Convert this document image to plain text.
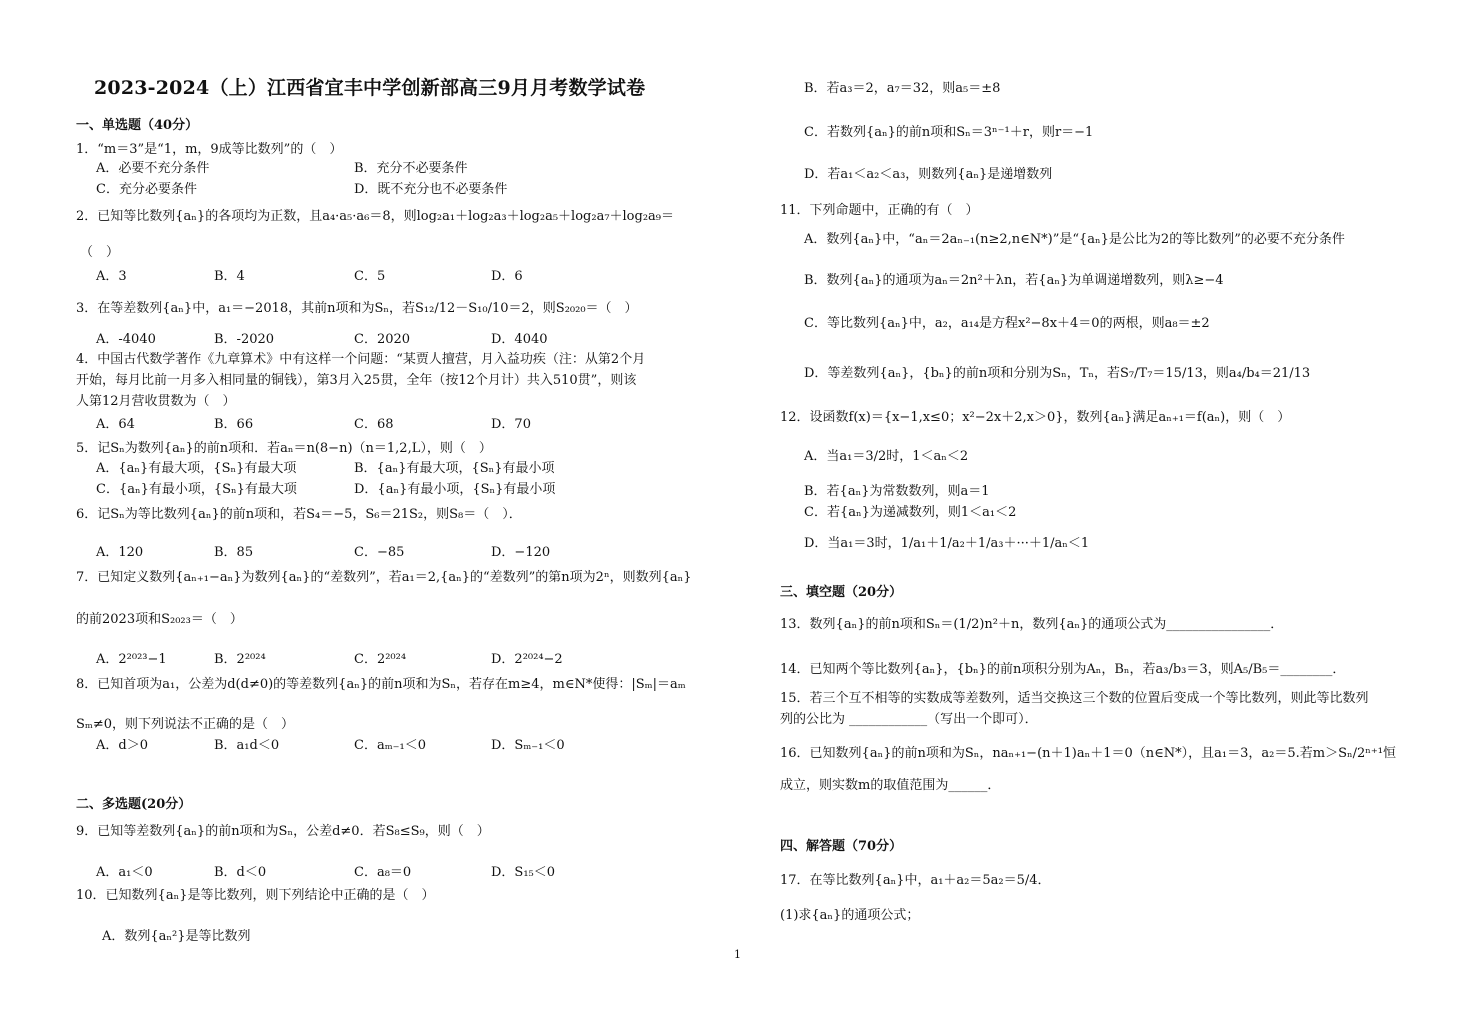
2023-2024（上）江西省宜丰中学创新部高三9月月考数学试卷
一、单选题（40分）
1．“m＝3”是“1，m，9成等比数列”的（　）
A．必要不充分条件	B．充分不必要条件
C．充分必要条件	D．既不充分也不必要条件
2．已知等比数列{aₙ}的各项均为正数，且a₄·a₅·a₆＝8，则log₂a₁＋log₂a₃＋log₂a₅＋log₂a₇＋log₂a₉＝
（　）
A．3	B．4	C．5	D．6
3．在等差数列{aₙ}中，a₁＝−2018，其前n项和为Sₙ，若S₁₂/12－S₁₀/10＝2，则S₂₀₂₀＝（　）
A．-4040	B．-2020	C．2020	D．4040
4．中国古代数学著作《九章算术》中有这样一个问题：“某贾人擅营，月入益功疾（注：从第2个月
开始，每月比前一月多入相同量的铜钱），第3月入25贯，全年（按12个月计）共入510贯”，则该
人第12月营收贯数为（　）
A．64	B．66	C．68	D．70
5．记Sₙ为数列{aₙ}的前n项和．若aₙ＝n(8−n)（n＝1,2,L），则（　）
A．{aₙ}有最大项，{Sₙ}有最大项	B．{aₙ}有最大项，{Sₙ}有最小项
C．{aₙ}有最小项，{Sₙ}有最大项	D．{aₙ}有最小项，{Sₙ}有最小项
6．记Sₙ为等比数列{aₙ}的前n项和，若S₄＝−5，S₆＝21S₂，则S₈＝（　）．
A．120	B．85	C．−85	D．−120
7．已知定义数列{aₙ₊₁−aₙ}为数列{aₙ}的“差数列”，若a₁＝2,{aₙ}的“差数列”的第n项为2ⁿ，则数列{aₙ}
的前2023项和S₂₀₂₃＝（　）
A．2²⁰²³−1	B．2²⁰²⁴	C．2²⁰²⁴	D．2²⁰²⁴−2
8．已知首项为a₁，公差为d(d≠0)的等差数列{aₙ}的前n项和为Sₙ，若存在m≥4，m∈N*使得：|Sₘ|＝aₘ
Sₘ≠0，则下列说法不正确的是（　）
A．d＞0	B．a₁d＜0	C．aₘ₋₁＜0	D．Sₘ₋₁＜0
二、多选题(20分）
9．已知等差数列{aₙ}的前n项和为Sₙ，公差d≠0．若S₈≤S₉，则（　）
A．a₁＜0	B．d＜0	C．a₈＝0	D．S₁₅＜0
10．已知数列{aₙ}是等比数列，则下列结论中正确的是（　）
A．数列{aₙ²}是等比数列
B．若a₃＝2，a₇＝32，则a₅＝±8
C．若数列{aₙ}的前n项和Sₙ＝3ⁿ⁻¹＋r，则r＝−1
D．若a₁＜a₂＜a₃，则数列{aₙ}是递增数列
11．下列命题中，正确的有（　）
A．数列{aₙ}中，“aₙ＝2aₙ₋₁(n≥2,n∈N*)”是“{aₙ}是公比为2的等比数列”的必要不充分条件
B．数列{aₙ}的通项为aₙ＝2n²＋λn，若{aₙ}为单调递增数列，则λ≥−4
C．等比数列{aₙ}中，a₂，a₁₄是方程x²−8x＋4＝0的两根，则a₈＝±2
D．等差数列{aₙ}，{bₙ}的前n项和分别为Sₙ，Tₙ，若S₇/T₇＝15/13，则a₄/b₄＝21/13
12．设函数f(x)＝{x−1,x≤0；x²−2x＋2,x＞0}，数列{aₙ}满足aₙ₊₁＝f(aₙ)，则（　）
A．当a₁＝3/2时，1＜aₙ＜2
B．若{aₙ}为常数数列，则a＝1
C．若{aₙ}为递减数列，则1＜a₁＜2
D．当a₁＝3时，1/a₁＋1/a₂＋1/a₃＋···＋1/aₙ＜1
三、填空题（20分）
13．数列{aₙ}的前n项和Sₙ＝(1/2)n²＋n，数列{aₙ}的通项公式为________________．
14．已知两个等比数列{aₙ}，{bₙ}的前n项积分别为Aₙ，Bₙ，若a₃/b₃＝3，则A₅/B₅＝________．
15．若三个互不相等的实数成等差数列，适当交换这三个数的位置后变成一个等比数列，则此等比数列
列的公比为 ____________（写出一个即可）．
16．已知数列{aₙ}的前n项和为Sₙ，naₙ₊₁−(n＋1)aₙ＋1＝0（n∈N*），且a₁＝3，a₂＝5.若m＞Sₙ/2ⁿ⁺¹恒
成立，则实数m的取值范围为______．
四、解答题（70分）
17．在等比数列{aₙ}中，a₁＋a₂＝5a₂＝5/4．
(1)求{aₙ}的通项公式；
1
